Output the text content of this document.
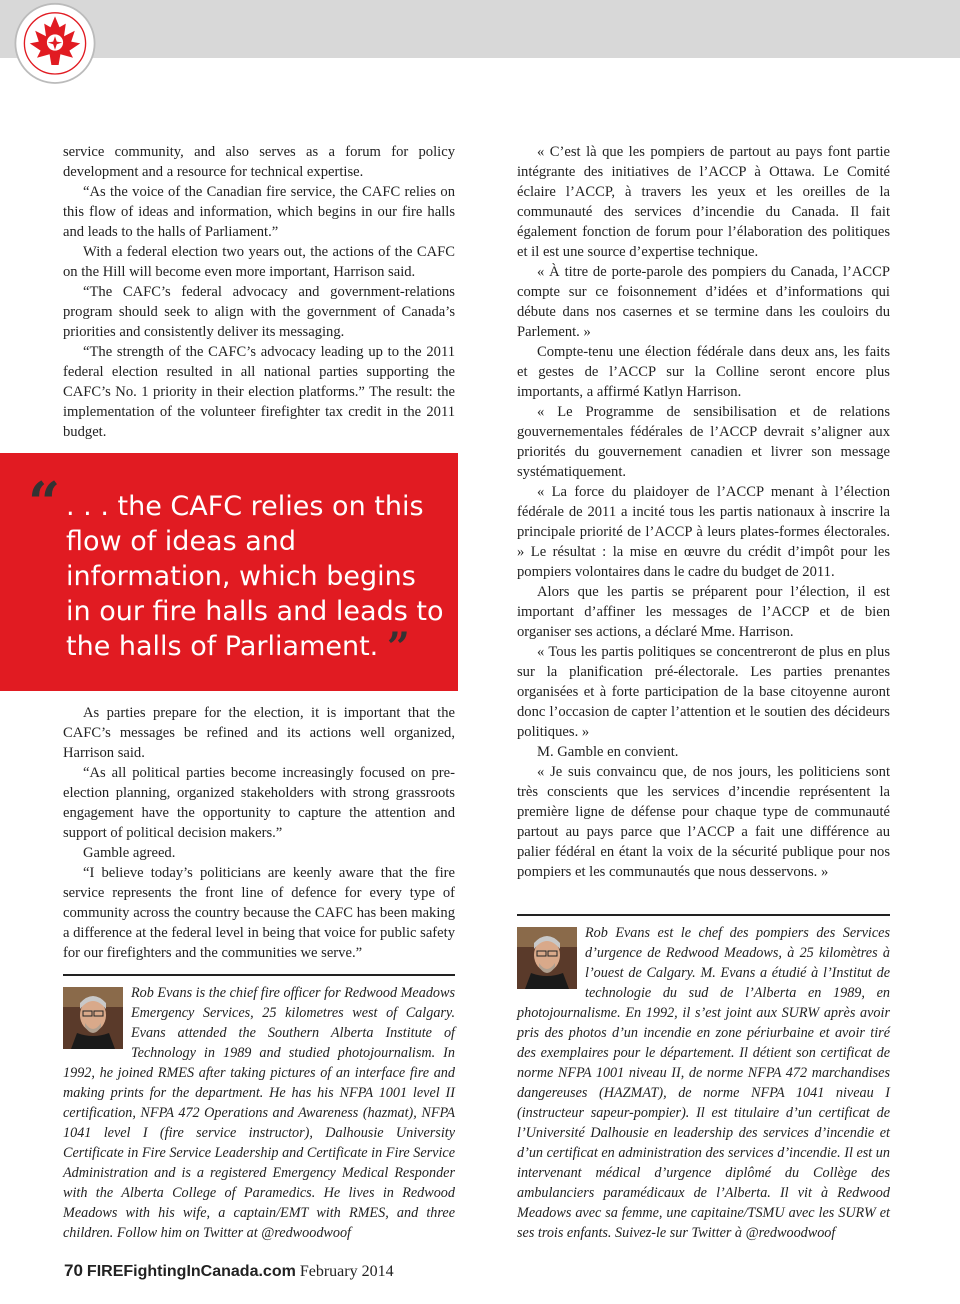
service community, and also serves as a forum for policy development and a resource for technical expertise.

“As the voice of the Canadian fire service, the CAFC relies on this flow of ideas and information, which begins in our fire halls and leads to the halls of Parliament.”

With a federal election two years out, the actions of the CAFC on the Hill will become even more important, Harrison said.

“The CAFC’s federal advocacy and government-relations program should seek to align with the government of Canada’s priorities and consistently deliver its messaging.

“The strength of the CAFC’s advocacy leading up to the 2011 federal election resulted in all national parties supporting the CAFC’s No. 1 priority in their election platforms.” The result: the implementation of the volunteer firefighter tax credit in the 2011 budget.

“ . . . the CAFC relies on this flow of ideas and information, which begins in our fire halls and leads to the halls of Parliament. ”

As parties prepare for the election, it is important that the CAFC’s messages be refined and its actions well organized, Harrison said.

“As all political parties become increasingly focused on pre-election planning, organized stakeholders with strong grassroots engagement have the opportunity to capture the attention and support of political decision makers.”

Gamble agreed.

“I believe today’s politicians are keenly aware that the fire service represents the front line of defence for every type of community across the country because the CAFC has been making a difference at the federal level in being that voice for public safety for our firefighters and the communities we serve.”

Rob Evans is the chief fire officer for Redwood Meadows Emergency Services, 25 kilometres west of Calgary. Evans attended the Southern Alberta Institute of Technology in 1989 and studied photojournalism. In 1992, he joined RMES after taking pictures of an interface fire and making prints for the department. He has his NFPA 1001 level II certification, NFPA 472 Operations and Awareness (hazmat), NFPA 1041 level I (fire service instructor), Dalhousie University Certificate in Fire Service Leadership and Certificate in Fire Service Administration and is a registered Emergency Medical Responder with the Alberta College of Paramedics. He lives in Redwood Meadows with his wife, a captain/EMT with RMES, and three children. Follow him on Twitter at @redwoodwoof

« C’est là que les pompiers de partout au pays font partie intégrante des initiatives de l’ACCP à Ottawa. Le Comité éclaire l’ACCP, à travers les yeux et les oreilles de la communauté des services d’incendie du Canada. Il fait également fonction de forum pour l’élaboration des politiques et il est une source d’expertise technique.

« À titre de porte-parole des pompiers du Canada, l’ACCP compte sur ce foisonnement d’idées et d’informations qui débute dans nos casernes et se termine dans les couloirs du Parlement. »

Compte-tenu une élection fédérale dans deux ans, les faits et gestes de l’ACCP sur la Colline seront encore plus importants, a affirmé Katlyn Harrison.

« Le Programme de sensibilisation et de relations gouvernementales fédérales de l’ACCP devrait s’aligner aux priorités du gouvernement canadien et livrer son message systématiquement.

« La force du plaidoyer de l’ACCP menant à l’élection fédérale de 2011 a incité tous les partis nationaux à inscrire la principale priorité de l’ACCP à leurs plates-formes électorales. » Le résultat : la mise en œuvre du crédit d’impôt pour les pompiers volontaires dans le cadre du budget de 2011.

Alors que les partis se préparent pour l’élection, il est important d’affiner les messages de l’ACCP et de bien organiser ses actions, a déclaré Mme. Harrison.

« Tous les partis politiques se concentreront de plus en plus sur la planification pré-électorale. Les parties prenantes organisées et à forte participation de la base citoyenne auront donc l’occasion de capter l’attention et le soutien des décideurs politiques. »

M. Gamble en convient.

« Je suis convaincu que, de nos jours, les politiciens sont très conscients que les services d’incendie représentent la première ligne de défense pour chaque type de communauté partout au pays parce que l’ACCP a fait une différence au palier fédéral en étant la voix de la sécurité publique pour nos pompiers et les communautés que nous desservons. »

Rob Evans est le chef des pompiers des Services d’urgence de Redwood Meadows, à 25 kilomètres à l’ouest de Calgary. M. Evans a étudié à l’Institut de technologie du sud de l’Alberta en 1989, en photojournalisme. En 1992, il s’est joint aux SURW après avoir pris des photos d’un incendie en zone périurbaine et avoir tiré des exemplaires pour le département. Il détient son certificat de norme NFPA 1001 niveau II, de norme NFPA 472 marchandises dangereuses (HAZMAT), de norme NFPA 1041 niveau I (instructeur sapeur-pompier). Il est titulaire d’un certificat de l’Université Dalhousie en leadership des services d’incendie et d’un certificat en administration des services d’incendie. Il est un intervenant médical d’urgence diplômé du Collège des ambulanciers paramédicaux de l’Alberta. Il vit à Redwood Meadows avec sa femme, une capitaine/TSMU avec les SURW et ses trois enfants. Suivez-le sur Twitter à @redwoodwoof
70 FIREFightingInCanada.com February 2014
